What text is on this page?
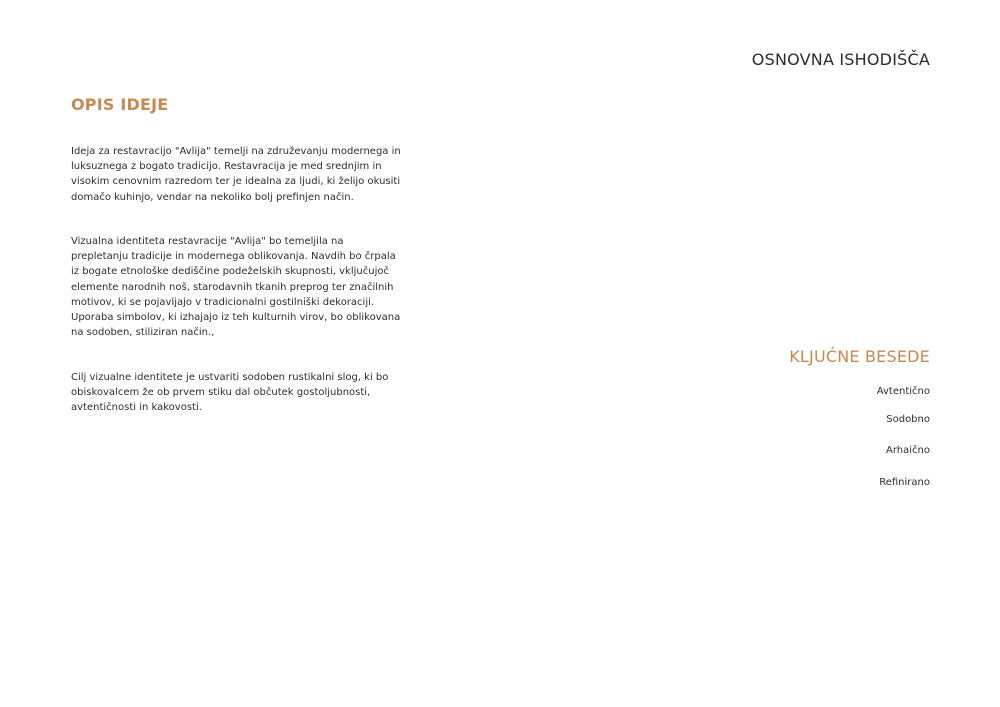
OSNOVNA ISHODIŠČA
OPIS IDEJE

Ideja za restavracijo "Avlija" temelji na združevanju modernega in luksuznega z bogato tradicijo. Restavracija je med srednjim in visokim cenovnim razredom ter je idealna za ljudi, ki želijo okusiti domačo kuhinjo, vendar na nekoliko bolj prefinjen način.

Vizualna identiteta restavracije "Avlija" bo temeljila na prepletanju tradicije in modernega oblikovanja. Navdih bo črpala iz bogate etnološke dediščine podeželskih skupnosti, vključujoč elemente narodnih noš, starodavnih tkanih preprog ter značilnih motivov, ki se pojavljajo v tradicionalni gostilniški dekoraciji. Uporaba simbolov, ki izhajajo iz teh kulturnih virov, bo oblikovana na sodoben, stiliziran način.,

Cilj vizualne identitete je ustvariti sodoben rustikalni slog, ki bo obiskovalcem že ob prvem stiku dal občutek gostoljubnosti, avtentičnosti in kakovosti.

KLJUĆNE BESEDE
Avtentično
Sodobno
Arhaično
Refinirano
